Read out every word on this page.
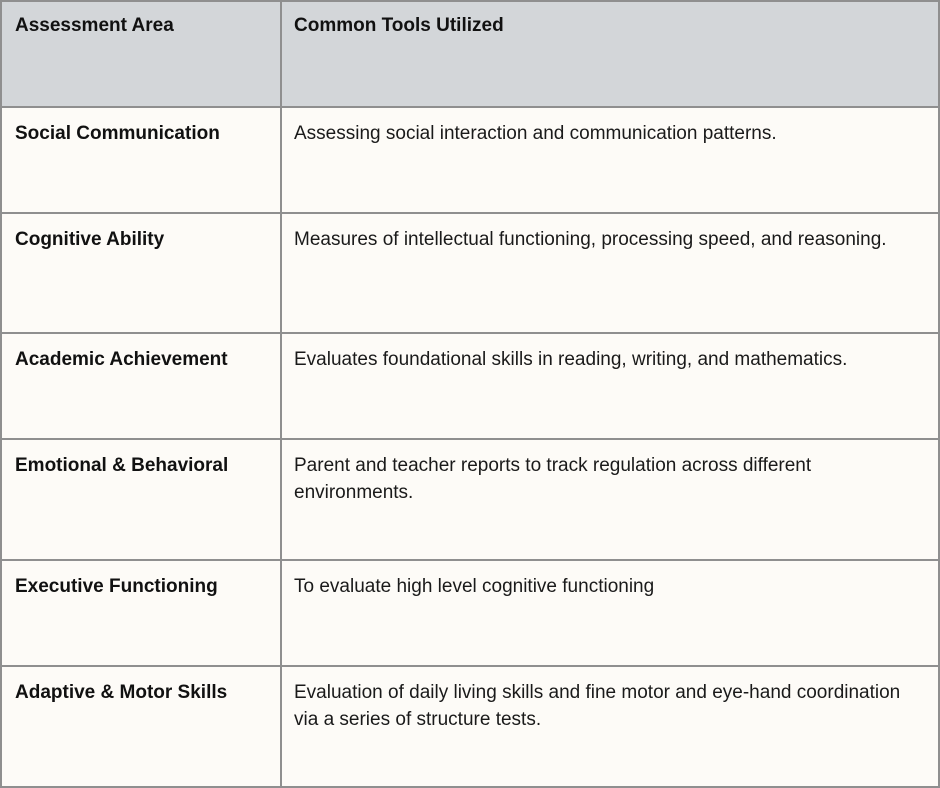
Assessment Area	Common Tools Utilized
Social Communication	Assessing social interaction and communication patterns.
Cognitive Ability	Measures of intellectual functioning, processing speed, and reasoning.
Academic Achievement	Evaluates foundational skills in reading, writing, and mathematics.
Emotional & Behavioral	Parent and teacher reports to track regulation across different environments.
Executive Functioning	To evaluate high level cognitive functioning
Adaptive & Motor Skills	Evaluation of daily living skills and fine motor and eye-hand coordination via a series of structure tests.
